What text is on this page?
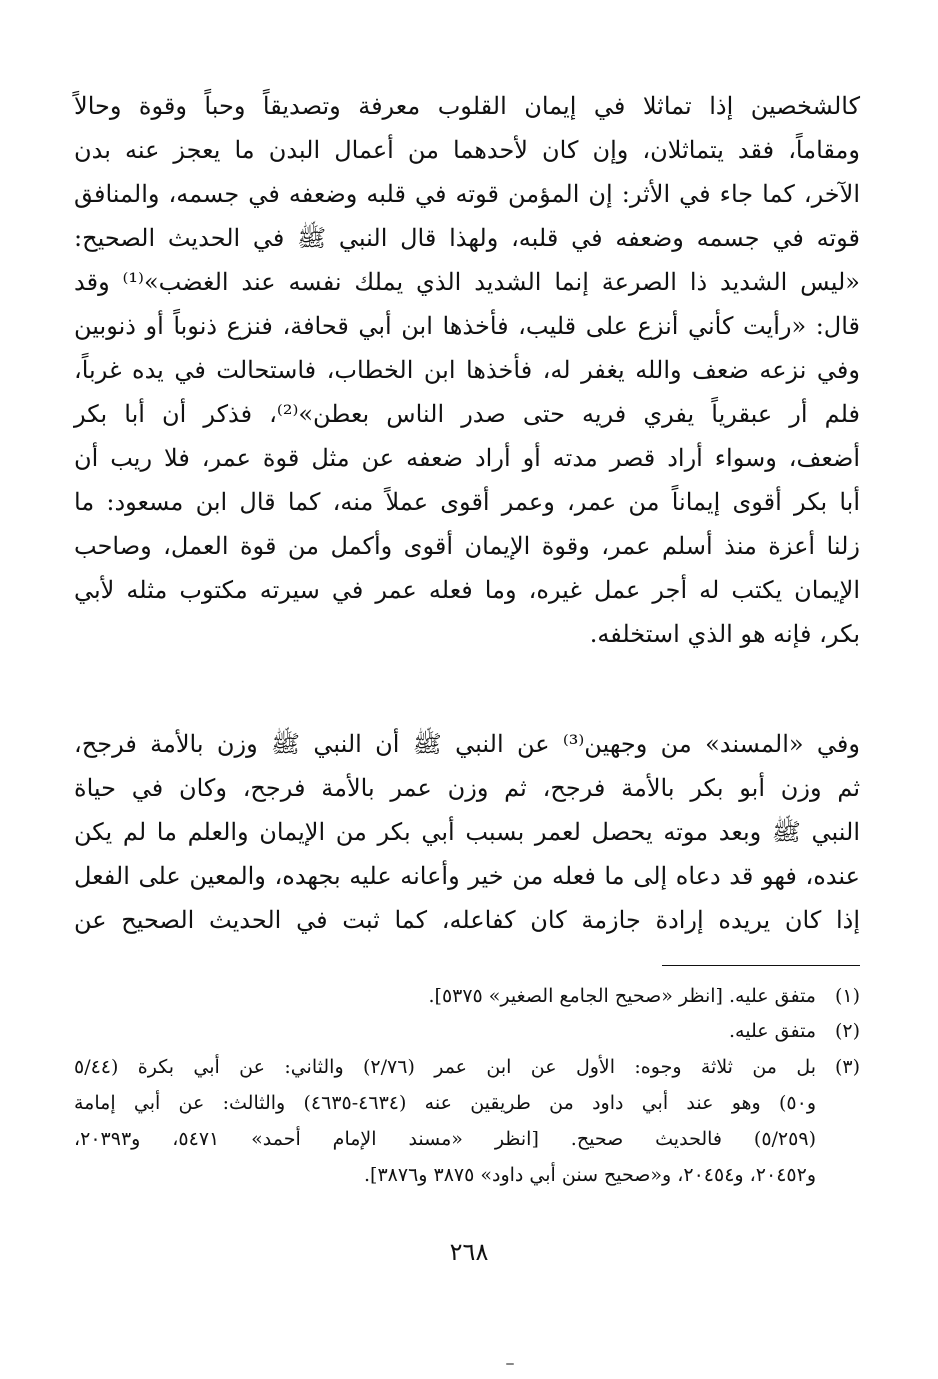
كالشخصين إذا تماثلا في إيمان القلوب معرفة وتصديقاً وحباً وقوة وحالاً
ومقاماً، فقد يتماثلان، وإن كان لأحدهما من أعمال البدن ما يعجز عنه بدن
الآخر، كما جاء في الأثر: إن المؤمن قوته في قلبه وضعفه في جسمه، والمنافق
قوته في جسمه وضعفه في قلبه، ولهذا قال النبي ﷺ في الحديث الصحيح:
«ليس الشديد ذا الصرعة إنما الشديد الذي يملك نفسه عند الغضب»⁽¹⁾ وقد
قال: «رأيت كأني أنزع على قليب، فأخذها ابن أبي قحافة، فنزع ذنوباً أو ذنوبين
وفي نزعه ضعف والله يغفر له، فأخذها ابن الخطاب، فاستحالت في يده غرباً،
فلم أر عبقرياً يفري فريه حتى صدر الناس بعطن»⁽²⁾، فذكر أن أبا بكر
أضعف، وسواء أراد قصر مدته أو أراد ضعفه عن مثل قوة عمر، فلا ريب أن
أبا بكر أقوى إيماناً من عمر، وعمر أقوى عملاً منه، كما قال ابن مسعود: ما
زلنا أعزة منذ أسلم عمر، وقوة الإيمان أقوى وأكمل من قوة العمل، وصاحب
الإيمان يكتب له أجر عمل غيره، وما فعله عمر في سيرته مكتوب مثله لأبي
بكر، فإنه هو الذي استخلفه.
وفي «المسند» من وجهين⁽³⁾ عن النبي ﷺ أن النبي ﷺ وزن بالأمة فرجح،
ثم وزن أبو بكر بالأمة فرجح، ثم وزن عمر بالأمة فرجح، وكان في حياة
النبي ﷺ وبعد موته يحصل لعمر بسبب أبي بكر من الإيمان والعلم ما لم يكن
عنده، فهو قد دعاه إلى ما فعله من خير وأعانه عليه بجهده، والمعين على الفعل
إذا كان يريده إرادة جازمة كان كفاعله، كما ثبت في الحديث الصحيح عن
(١)
متفق عليه. [انظر «صحيح الجامع الصغير» ٥٣٧٥].
(٢)
متفق عليه.
(٣)
بل من ثلاثة وجوه: الأول عن ابن عمر (٢/٧٦) والثاني: عن أبي بكرة (٥/٤٤
و٥٠) وهو عند أبي داود من طريقين عنه (٤٦٣٤-٤٦٣٥) والثالث: عن أبي إمامة
(٥/٢٥٩) فالحديث صحيح. [انظر «مسند الإمام أحمد» ٥٤٧١، و٢٠٣٩٣،
و٢٠٤٥٢، و٢٠٤٥٤، و«صحيح سنن أبي داود» ٣٨٧٥ و٣٨٧٦].
٢٦٨
